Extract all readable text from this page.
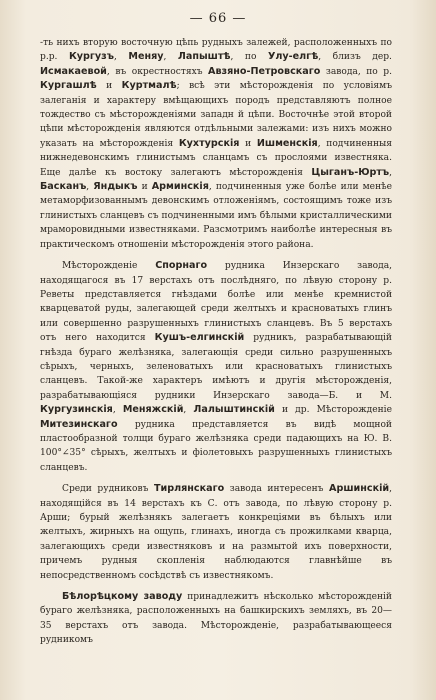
— 66 —

-ть нихъ вторую восточную цѣпь рудныхъ залежей, расположенныхъ по р.р. Кургузъ, Меняу, Лапыштѣ, по Улу-елгѣ, близъ дер. Исмакаевой, въ окрестностяхъ Авзяно-Петровскаго завода, по р. Кургашлѣ и Куртмалѣ; всѣ эти мѣсторожденія по условіямъ залеганія и характеру вмѣщающихъ породъ представляютъ полное тождество съ мѣсторожденіями западн й цѣпи. Восточнѣе этой второй цѣпи мѣсторожденія являются отдѣльными залежами: изъ нихъ можно указать на мѣсторожденія Кухтурскія и Ишменскія, подчиненныя нижнедевонскимъ глинистымъ сланцамъ съ прослоями известняка. Еще далѣе къ востоку залегаютъ мѣсторожденія Цыганъ-Юртъ, Басканъ, Яндыкъ и Арминскія, подчиненныя уже болѣе или менѣе метаморфизованнымъ девонскимъ отложеніямъ, состоящимъ тоже изъ глинистыхъ сланцевъ съ подчиненными имъ бѣлыми кристаллическими мраморовидными известняками. Разсмотримъ наиболѣе интересныя въ практическомъ отношеніи мѣсторожденія этого района.

Мѣсторожденіе Спорнаго рудника Инзерскаго завода, находящагося въ 17 верстахъ отъ послѣдняго, по лѣвую сторону р. Реветы представляется гнѣздами болѣе или менѣе кремнистой кварцеватой руды, залегающей среди желтыхъ и красноватыхъ глинъ или совершенно разрушенныхъ глинистыхъ сланцевъ. Въ 5 верстахъ отъ него находится Кушъ-елгинскій рудникъ, разрабатывающій гнѣзда бураго желѣзняка, залегающія среди сильно разрушенныхъ сѣрыхъ, черныхъ, зеленоватыхъ или красноватыхъ глинистыхъ сланцевъ. Такой-же характеръ имѣютъ и другія мѣсторожденія, разрабатывающіяся рудники Инзерскаго завода—Б. и М. Кургузинскія, Меняжскій, Лалыштинскій и др. Мѣсторожденіе Митезинскаго рудника представляется въ видѣ мощной пластообразной толщи бураго желѣзняка среди падающихъ на Ю. В. 100°∠35° сѣрыхъ, желтыхъ и фіолетовыхъ разрушенныхъ глинистыхъ сланцевъ.

Среди рудниковъ Тирлянскаго завода интересенъ Аршинскій, находящійся въ 14 верстахъ къ С. отъ завода, по лѣвую сторону р. Арши; бурый желѣзнякъ залегаетъ конкреціями въ бѣлыхъ или желтыхъ, жирныхъ на ощупь, глинахъ, иногда съ прожилками кварца, залегающихъ среди известняковъ и на размытой ихъ поверхности, причемъ рудныя скопленія наблюдаются главнѣйше въ непосредственномъ сосѣдствѣ съ известнякомъ.

Бѣлорѣцкому заводу принадлежитъ нѣсколько мѣсторожденій бураго желѣзняка, расположенныхъ на башкирскихъ земляхъ, въ 20—35 верстахъ отъ завода. Мѣсторожденіе, разрабатывающееся рудникомъ
